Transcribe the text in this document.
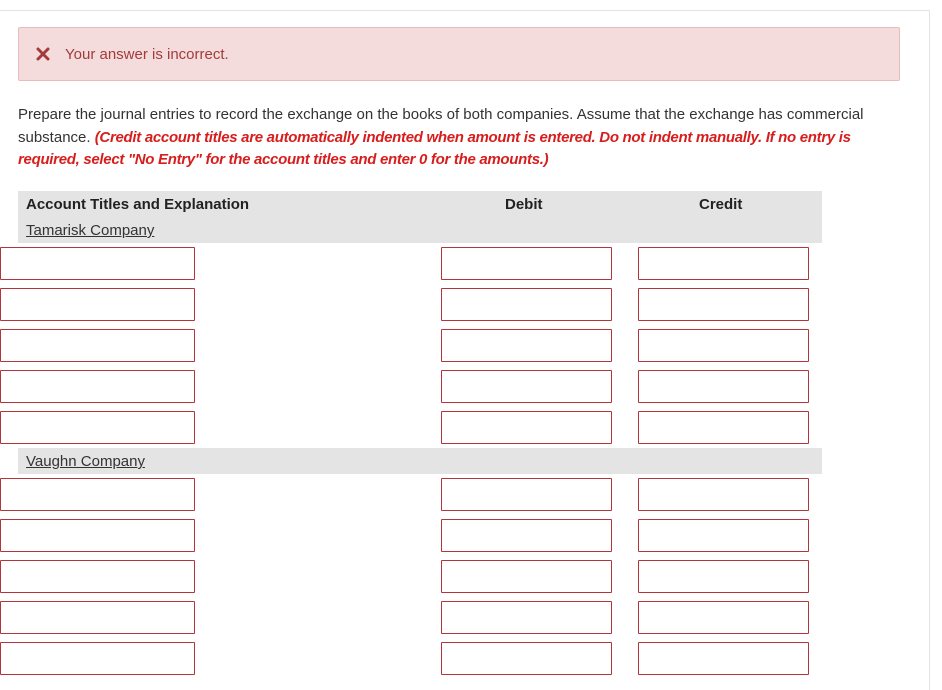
Your answer is incorrect.
Prepare the journal entries to record the exchange on the books of both companies. Assume that the exchange has commercial substance. (Credit account titles are automatically indented when amount is entered. Do not indent manually. If no entry is required, select "No Entry" for the account titles and enter 0 for the amounts.)
Account Titles and Explanation	Debit	Credit
Tamarisk Company
Vaughn Company
